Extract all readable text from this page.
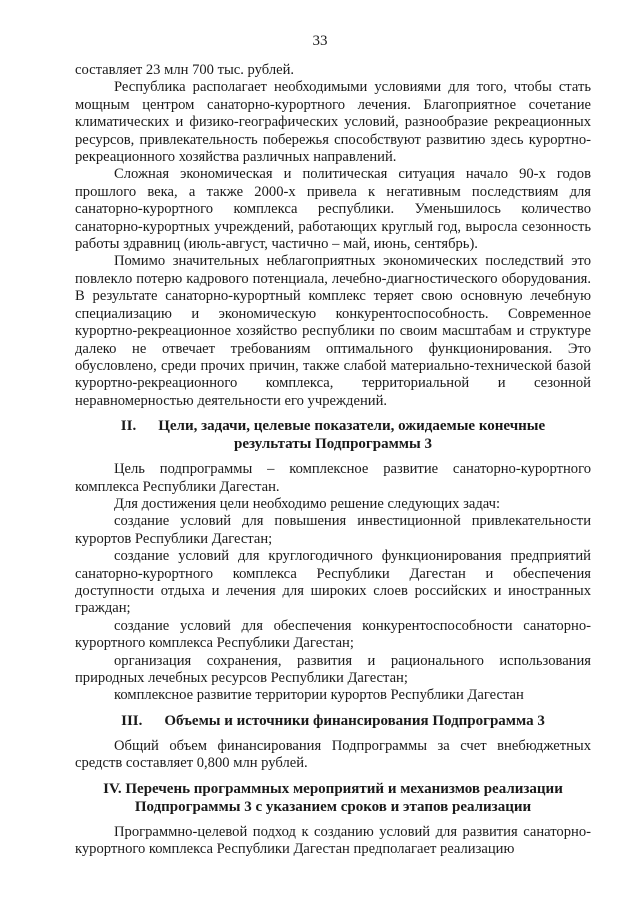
33

составляет 23 млн 700 тыс. рублей.

Республика располагает необходимыми условиями для того, чтобы стать мощным центром санаторно-курортного лечения. Благоприятное сочетание климатических и физико-географических условий, разнообразие рекреационных ресурсов, привлекательность побережья способствуют развитию здесь курортно-рекреационного хозяйства различных направлений.

Сложная экономическая и политическая ситуация начало 90-х годов прошлого века, а также 2000-х привела к негативным последствиям для санаторно-курортного комплекса республики. Уменьшилось количество санаторно-курортных учреждений, работающих круглый год, выросла сезонность работы здравниц (июль-август, частично – май, июнь, сентябрь).

Помимо значительных неблагоприятных экономических последствий это повлекло потерю кадрового потенциала, лечебно-диагностического оборудования. В результате санаторно-курортный комплекс теряет свою основную лечебную специализацию и экономическую конкурентоспособность. Современное курортно-рекреационное хозяйство республики по своим масштабам и структуре далеко не отвечает требованиям оптимального функционирования. Это обусловлено, среди прочих причин, также слабой материально-технической базой курортно-рекреационного комплекса, территориальной и сезонной неравномерностью деятельности его учреждений.

II. Цели, задачи, целевые показатели, ожидаемые конечные
результаты Подпрограммы 3

Цель подпрограммы – комплексное развитие санаторно-курортного комплекса Республики Дагестан.

Для достижения цели необходимо решение следующих задач:

создание условий для повышения инвестиционной привлекательности курортов Республики Дагестан;

создание условий для круглогодичного функционирования предприятий санаторно-курортного комплекса Республики Дагестан и обеспечения доступности отдыха и лечения для широких слоев российских и иностранных граждан;

создание условий для обеспечения конкурентоспособности санаторно-курортного комплекса Республики Дагестан;

организация сохранения, развития и рационального использования природных лечебных ресурсов Республики Дагестан;

комплексное развитие территории курортов Республики Дагестан

III. Объемы и источники финансирования Подпрограмма 3

Общий объем финансирования Подпрограммы за счет внебюджетных средств составляет 0,800 млн рублей.

IV. Перечень программных мероприятий и механизмов реализации
Подпрограммы 3 с указанием сроков и этапов реализации

Программно-целевой подход к созданию условий для развития санаторно-курортного комплекса Республики Дагестан предполагает реализацию
